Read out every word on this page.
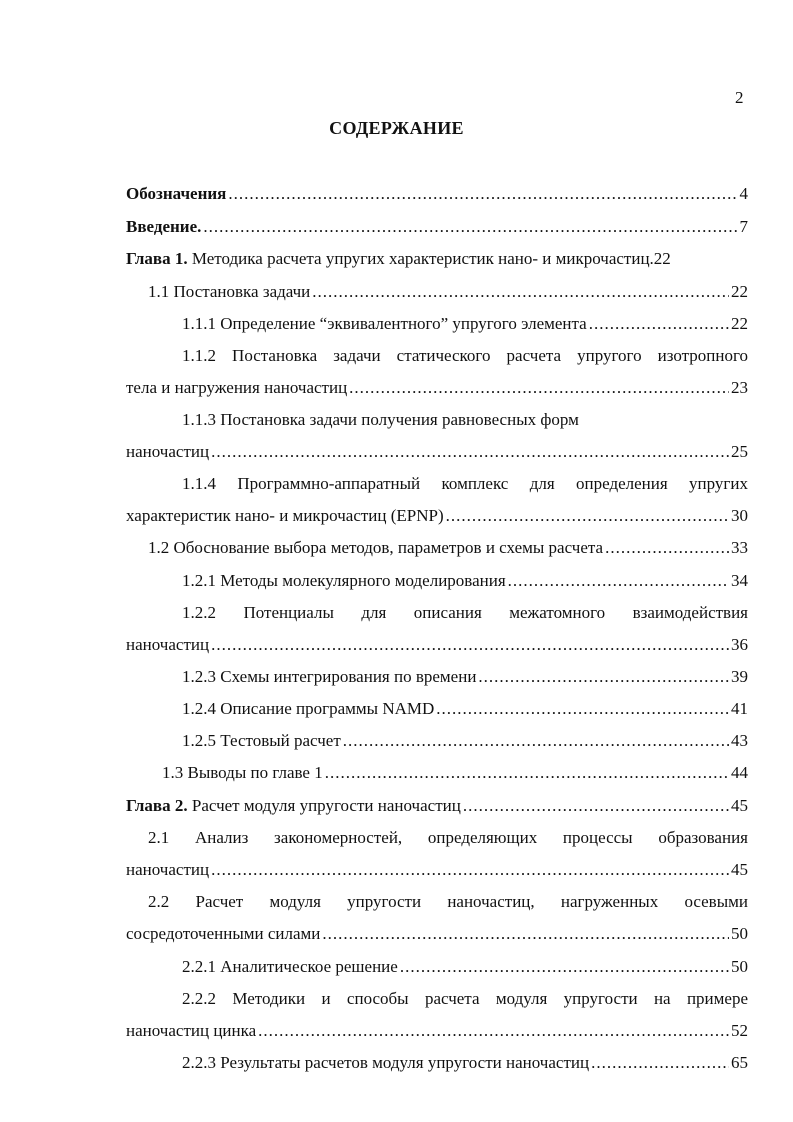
2
СОДЕРЖАНИЕ
Обозначения .....	4
Введение. .....	7
Глава 1. Методика расчета упругих характеристик нано- и микрочастиц. 22
1.1 Постановка задачи .....	22
1.1.1 Определение “эквивалентного” упругого элемента .....	22
1.1.2 Постановка задачи статического расчета упругого изотропного
тела и нагружения наночастиц .....	23
1.1.3 Постановка задачи получения равновесных форм
наночастиц .....	25
1.1.4 Программно-аппаратный комплекс для определения упругих
характеристик нано- и микрочастиц (EPNP) .....	30
1.2 Обоснование выбора методов, параметров и схемы расчета .....	33
1.2.1 Методы молекулярного моделирования .....	34
1.2.2 Потенциалы для описания межатомного взаимодействия
наночастиц .....	36
1.2.3 Схемы интегрирования по времени .....	39
1.2.4 Описание программы NAMD .....	41
1.2.5 Тестовый расчет .....	43
1.3 Выводы по главе 1 .....	44
Глава 2. Расчет модуля упругости наночастиц .....	45
2.1 Анализ закономерностей, определяющих процессы образования
наночастиц .....	45
2.2 Расчет модуля упругости наночастиц, нагруженных осевыми
сосредоточенными силами .....	50
2.2.1 Аналитическое решение .....	50
2.2.2 Методики и способы расчета модуля упругости на примере
наночастиц цинка .....	52
2.2.3 Результаты расчетов модуля упругости наночастиц .....	65
